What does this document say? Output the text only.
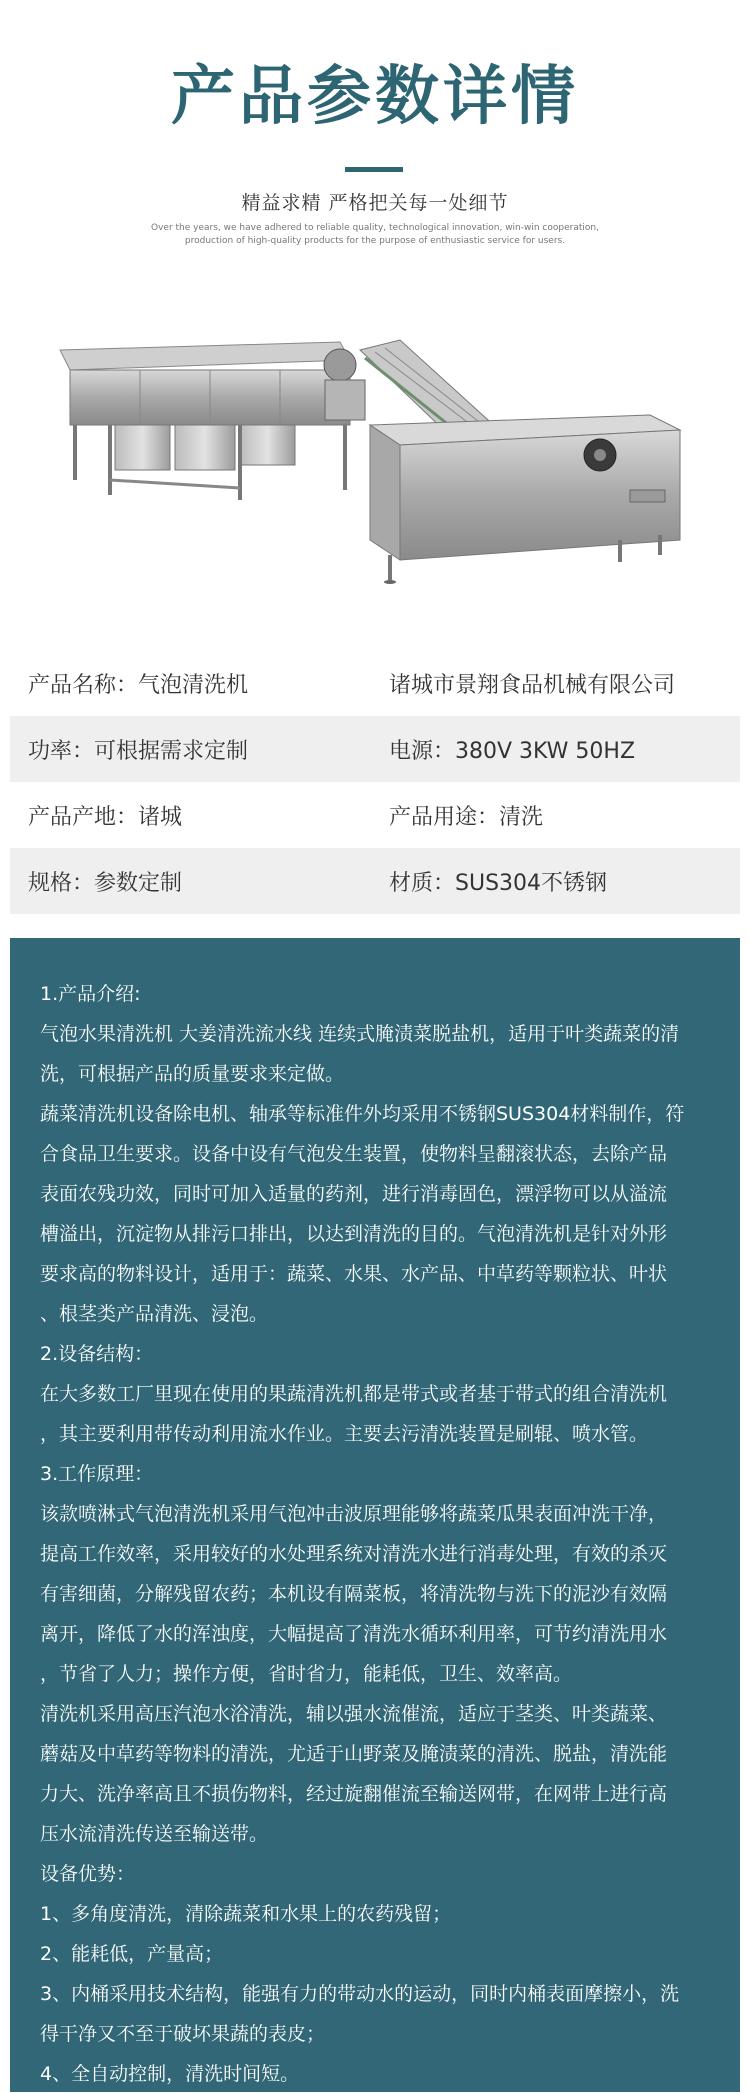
产品参数详情
精益求精 严格把关每一处细节
Over the years, we have adhered to reliable quality, technological innovation, win-win cooperation,
production of high-quality products for the purpose of enthusiastic service for users.
产品名称：气泡清洗机	诸城市景翔食品机械有限公司
功率：可根据需求定制	电源：380V 3KW 50HZ
产品产地：诸城	产品用途：清洗
规格：参数定制	材质：SUS304不锈钢
1.产品介绍:
气泡水果清洗机 大姜清洗流水线 连续式腌渍菜脱盐机，适用于叶类蔬菜的清
洗，可根据产品的质量要求来定做。
蔬菜清洗机设备除电机、轴承等标准件外均采用不锈钢SUS304材料制作，符
合食品卫生要求。设备中设有气泡发生装置，使物料呈翻滚状态，去除产品
表面农残功效，同时可加入适量的药剂，进行消毒固色，漂浮物可以从溢流
槽溢出，沉淀物从排污口排出，以达到清洗的目的。气泡清洗机是针对外形
要求高的物料设计，适用于：蔬菜、水果、水产品、中草药等颗粒状、叶状
、根茎类产品清洗、浸泡。
2.设备结构：
在大多数工厂里现在使用的果蔬清洗机都是带式或者基于带式的组合清洗机
，其主要利用带传动利用流水作业。主要去污清洗装置是刷辊、喷水管。
3.工作原理：
该款喷淋式气泡清洗机采用气泡冲击波原理能够将蔬菜瓜果表面冲洗干净，
提高工作效率，采用较好的水处理系统对清洗水进行消毒处理，有效的杀灭
有害细菌，分解残留农药；本机设有隔菜板，将清洗物与洗下的泥沙有效隔
离开，降低了水的浑浊度，大幅提高了清洗水循环利用率，可节约清洗用水
，节省了人力；操作方便，省时省力，能耗低，卫生、效率高。
清洗机采用高压汽泡水浴清洗，辅以强水流催流，适应于茎类、叶类蔬菜、
蘑菇及中草药等物料的清洗，尤适于山野菜及腌渍菜的清洗、脱盐，清洗能
力大、洗净率高且不损伤物料，经过旋翻催流至输送网带，在网带上进行高
压水流清洗传送至输送带。
设备优势：
1、多角度清洗，清除蔬菜和水果上的农药残留；
2、能耗低，产量高；
3、内桶采用技术结构，能强有力的带动水的运动，同时内桶表面摩擦小，洗
得干净又不至于破坏果蔬的表皮；
4、全自动控制，清洗时间短。
